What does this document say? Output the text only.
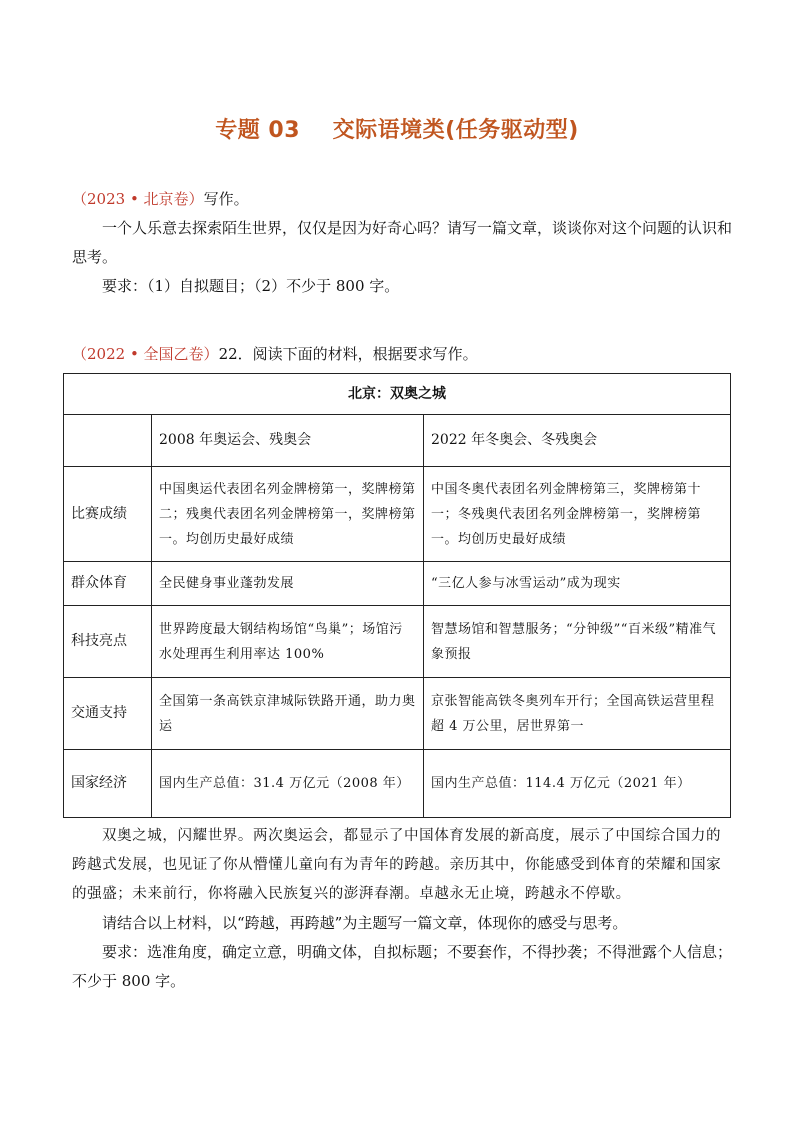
专题 03    交际语境类(任务驱动型)

（2023 • 北京卷）写作。

一个人乐意去探索陌生世界，仅仅是因为好奇心吗？请写一篇文章，谈谈你对这个问题的认识和思考。

要求：（1）自拟题目；（2）不少于 800 字。

（2022 • 全国乙卷）22．阅读下面的材料，根据要求写作。

北京：双奥之城		
	2008 年奥运会、残奥会	2022 年冬奥会、冬残奥会
比赛成绩	中国奥运代表团名列金牌榜第一，奖牌榜第二；残奥代表团名列金牌榜第一，奖牌榜第一。均创历史最好成绩	中国冬奥代表团名列金牌榜第三，奖牌榜第十一；冬残奥代表团名列金牌榜第一，奖牌榜第一。均创历史最好成绩
群众体育	全民健身事业蓬勃发展	“三亿人参与冰雪运动”成为现实
科技亮点	世界跨度最大钢结构场馆“鸟巢”；场馆污水处理再生利用率达 100%	智慧场馆和智慧服务；“分钟级”“百米级”精准气象预报
交通支持	全国第一条高铁京津城际铁路开通，助力奥运	京张智能高铁冬奥列车开行；全国高铁运营里程超 4 万公里，居世界第一
国家经济	国内生产总值：31.4 万亿元（2008 年）	国内生产总值：114.4 万亿元（2021 年）

双奥之城，闪耀世界。两次奥运会，都显示了中国体育发展的新高度，展示了中国综合国力的跨越式发展，也见证了你从懵懂儿童向有为青年的跨越。亲历其中，你能感受到体育的荣耀和国家的强盛；未来前行，你将融入民族复兴的澎湃春潮。卓越永无止境，跨越永不停歇。

请结合以上材料，以“跨越，再跨越”为主题写一篇文章，体现你的感受与思考。

要求：选准角度，确定立意，明确文体，自拟标题；不要套作，不得抄袭；不得泄露个人信息；不少于 800 字。
